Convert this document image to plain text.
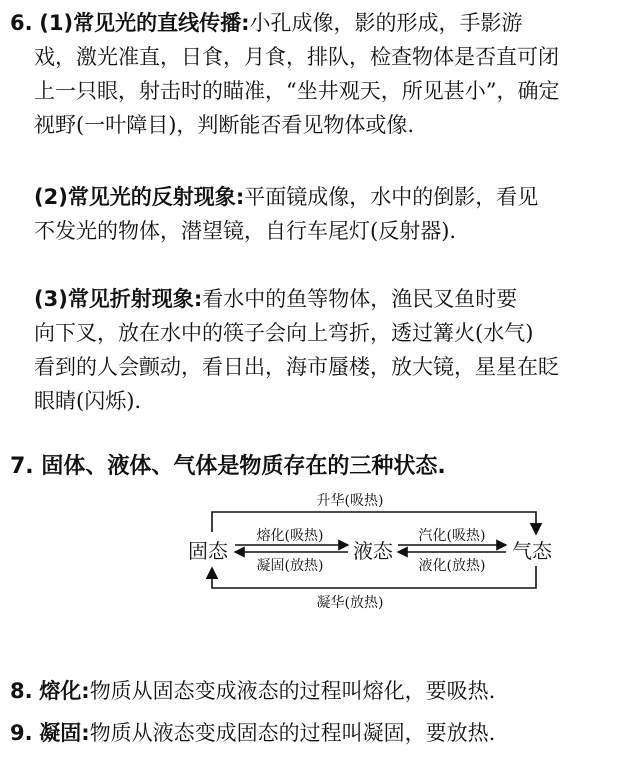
6. (1)常见光的直线传播:小孔成像，影的形成，手影游
戏，激光准直，日食，月食，排队，检查物体是否直可闭
上一只眼，射击时的瞄准，“坐井观天，所见甚小”，确定
视野(一叶障目)，判断能否看见物体或像.
(2)常见光的反射现象:平面镜成像，水中的倒影，看见
不发光的物体，潜望镜，自行车尾灯(反射器).
(3)常见折射现象:看水中的鱼等物体，渔民叉鱼时要
向下叉，放在水中的筷子会向上弯折，透过篝火(水气)
看到的人会颤动，看日出，海市蜃楼，放大镜，星星在眨
眼睛(闪烁).
7. 固体、液体、气体是物质存在的三种状态.
升华(吸热)
凝华(放热)
固态	液态	气态
熔化(吸热)
凝固(放热)
汽化(吸热)
液化(放热)
8. 熔化:物质从固态变成液态的过程叫熔化，要吸热.
9. 凝固:物质从液态变成固态的过程叫凝固，要放热.
